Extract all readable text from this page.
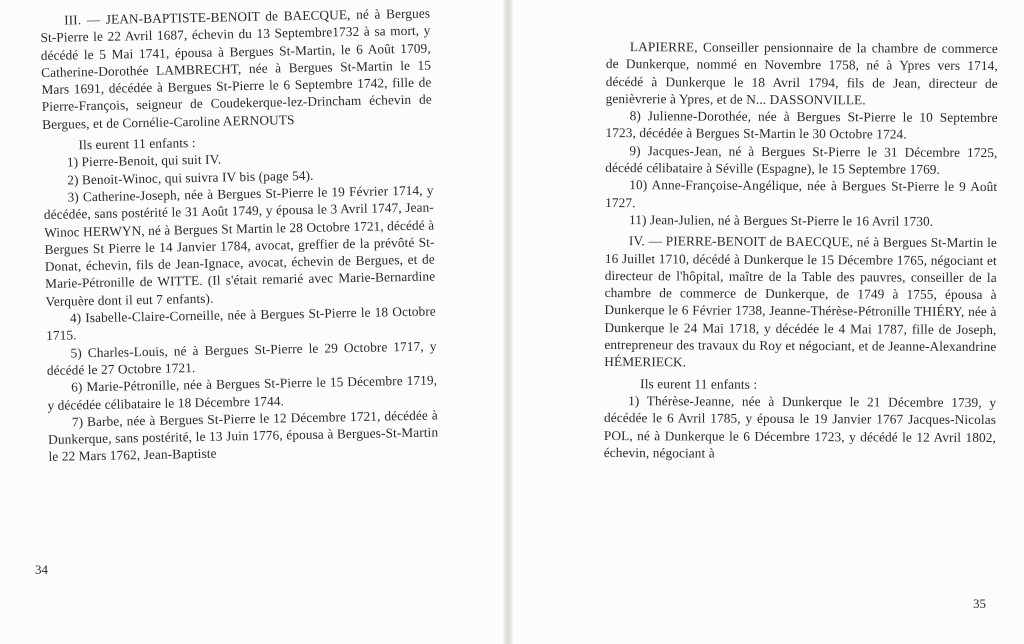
III. — JEAN-BAPTISTE-BENOIT de BAECQUE, né à Bergues St-Pierre le 22 Avril 1687, échevin du 13 Septembre1732 à sa mort, y décédé le 5 Mai 1741, épousa à Bergues St-Martin, le 6 Août 1709, Catherine-Dorothée LAMBRECHT, née à Bergues St-Martin le 15 Mars 1691, décédée à Bergues St-Pierre le 6 Septembre 1742, fille de Pierre-François, seigneur de Coudekerque-lez-Drincham échevin de Bergues, et de Cornélie-Caroline AERNOUTS

Ils eurent 11 enfants :

1) Pierre-Benoit, qui suit IV.

2) Benoit-Winoc, qui suivra IV bis (page 54).

3) Catherine-Joseph, née à Bergues St-Pierre le 19 Février 1714, y décédée, sans postérité le 31 Août 1749, y épousa le 3 Avril 1747, Jean-Winoc HERWYN, né à Bergues St Martin le 28 Octobre 1721, décédé à Bergues St Pierre le 14 Janvier 1784, avocat, greffier de la prévôté St-Donat, échevin, fils de Jean-Ignace, avocat, échevin de Bergues, et de Marie-Pétronille de WITTE. (Il s'était remarié avec Marie-Bernardine Verquère dont il eut 7 enfants).

4) Isabelle-Claire-Corneille, née à Bergues St-Pierre le 18 Octobre 1715.

5) Charles-Louis, né à Bergues St-Pierre le 29 Octobre 1717, y décédé le 27 Octobre 1721.

6) Marie-Pétronille, née à Bergues St-Pierre le 15 Décembre 1719, y décédée célibataire le 18 Décembre 1744.

7) Barbe, née à Bergues St-Pierre le 12 Décembre 1721, décédée à Dunkerque, sans postérité, le 13 Juin 1776, épousa à Bergues-St-Martin le 22 Mars 1762, Jean-Baptiste

34

LAPIERRE, Conseiller pensionnaire de la chambre de commerce de Dunkerque, nommé en Novembre 1758, né à Ypres vers 1714, décédé à Dunkerque le 18 Avril 1794, fils de Jean, directeur de genièvrerie à Ypres, et de N... DASSONVILLE.

8) Julienne-Dorothée, née à Bergues St-Pierre le 10 Septembre 1723, décédée à Bergues St-Martin le 30 Octobre 1724.

9) Jacques-Jean, né à Bergues St-Pierre le 31 Décembre 1725, décédé célibataire à Séville (Espagne), le 15 Septembre 1769.

10) Anne-Françoise-Angélique, née à Bergues St-Pierre le 9 Août 1727.

11) Jean-Julien, né à Bergues St-Pierre le 16 Avril 1730.

IV. — PIERRE-BENOIT de BAECQUE, né à Bergues St-Martin le 16 Juillet 1710, décédé à Dunkerque le 15 Décembre 1765, négociant et directeur de l'hôpital, maître de la Table des pauvres, conseiller de la chambre de commerce de Dunkerque, de 1749 à 1755, épousa à Dunkerque le 6 Février 1738, Jeanne-Thérèse-Pétronille THIÉRY, née à Dunkerque le 24 Mai 1718, y décédée le 4 Mai 1787, fille de Joseph, entrepreneur des travaux du Roy et négociant, et de Jeanne-Alexandrine HÉMERIECK.

Ils eurent 11 enfants :

1) Thérèse-Jeanne, née à Dunkerque le 21 Décembre 1739, y décédée le 6 Avril 1785, y épousa le 19 Janvier 1767 Jacques-Nicolas POL, né à Dunkerque le 6 Décembre 1723, y décédé le 12 Avril 1802, échevin, négociant à

35
